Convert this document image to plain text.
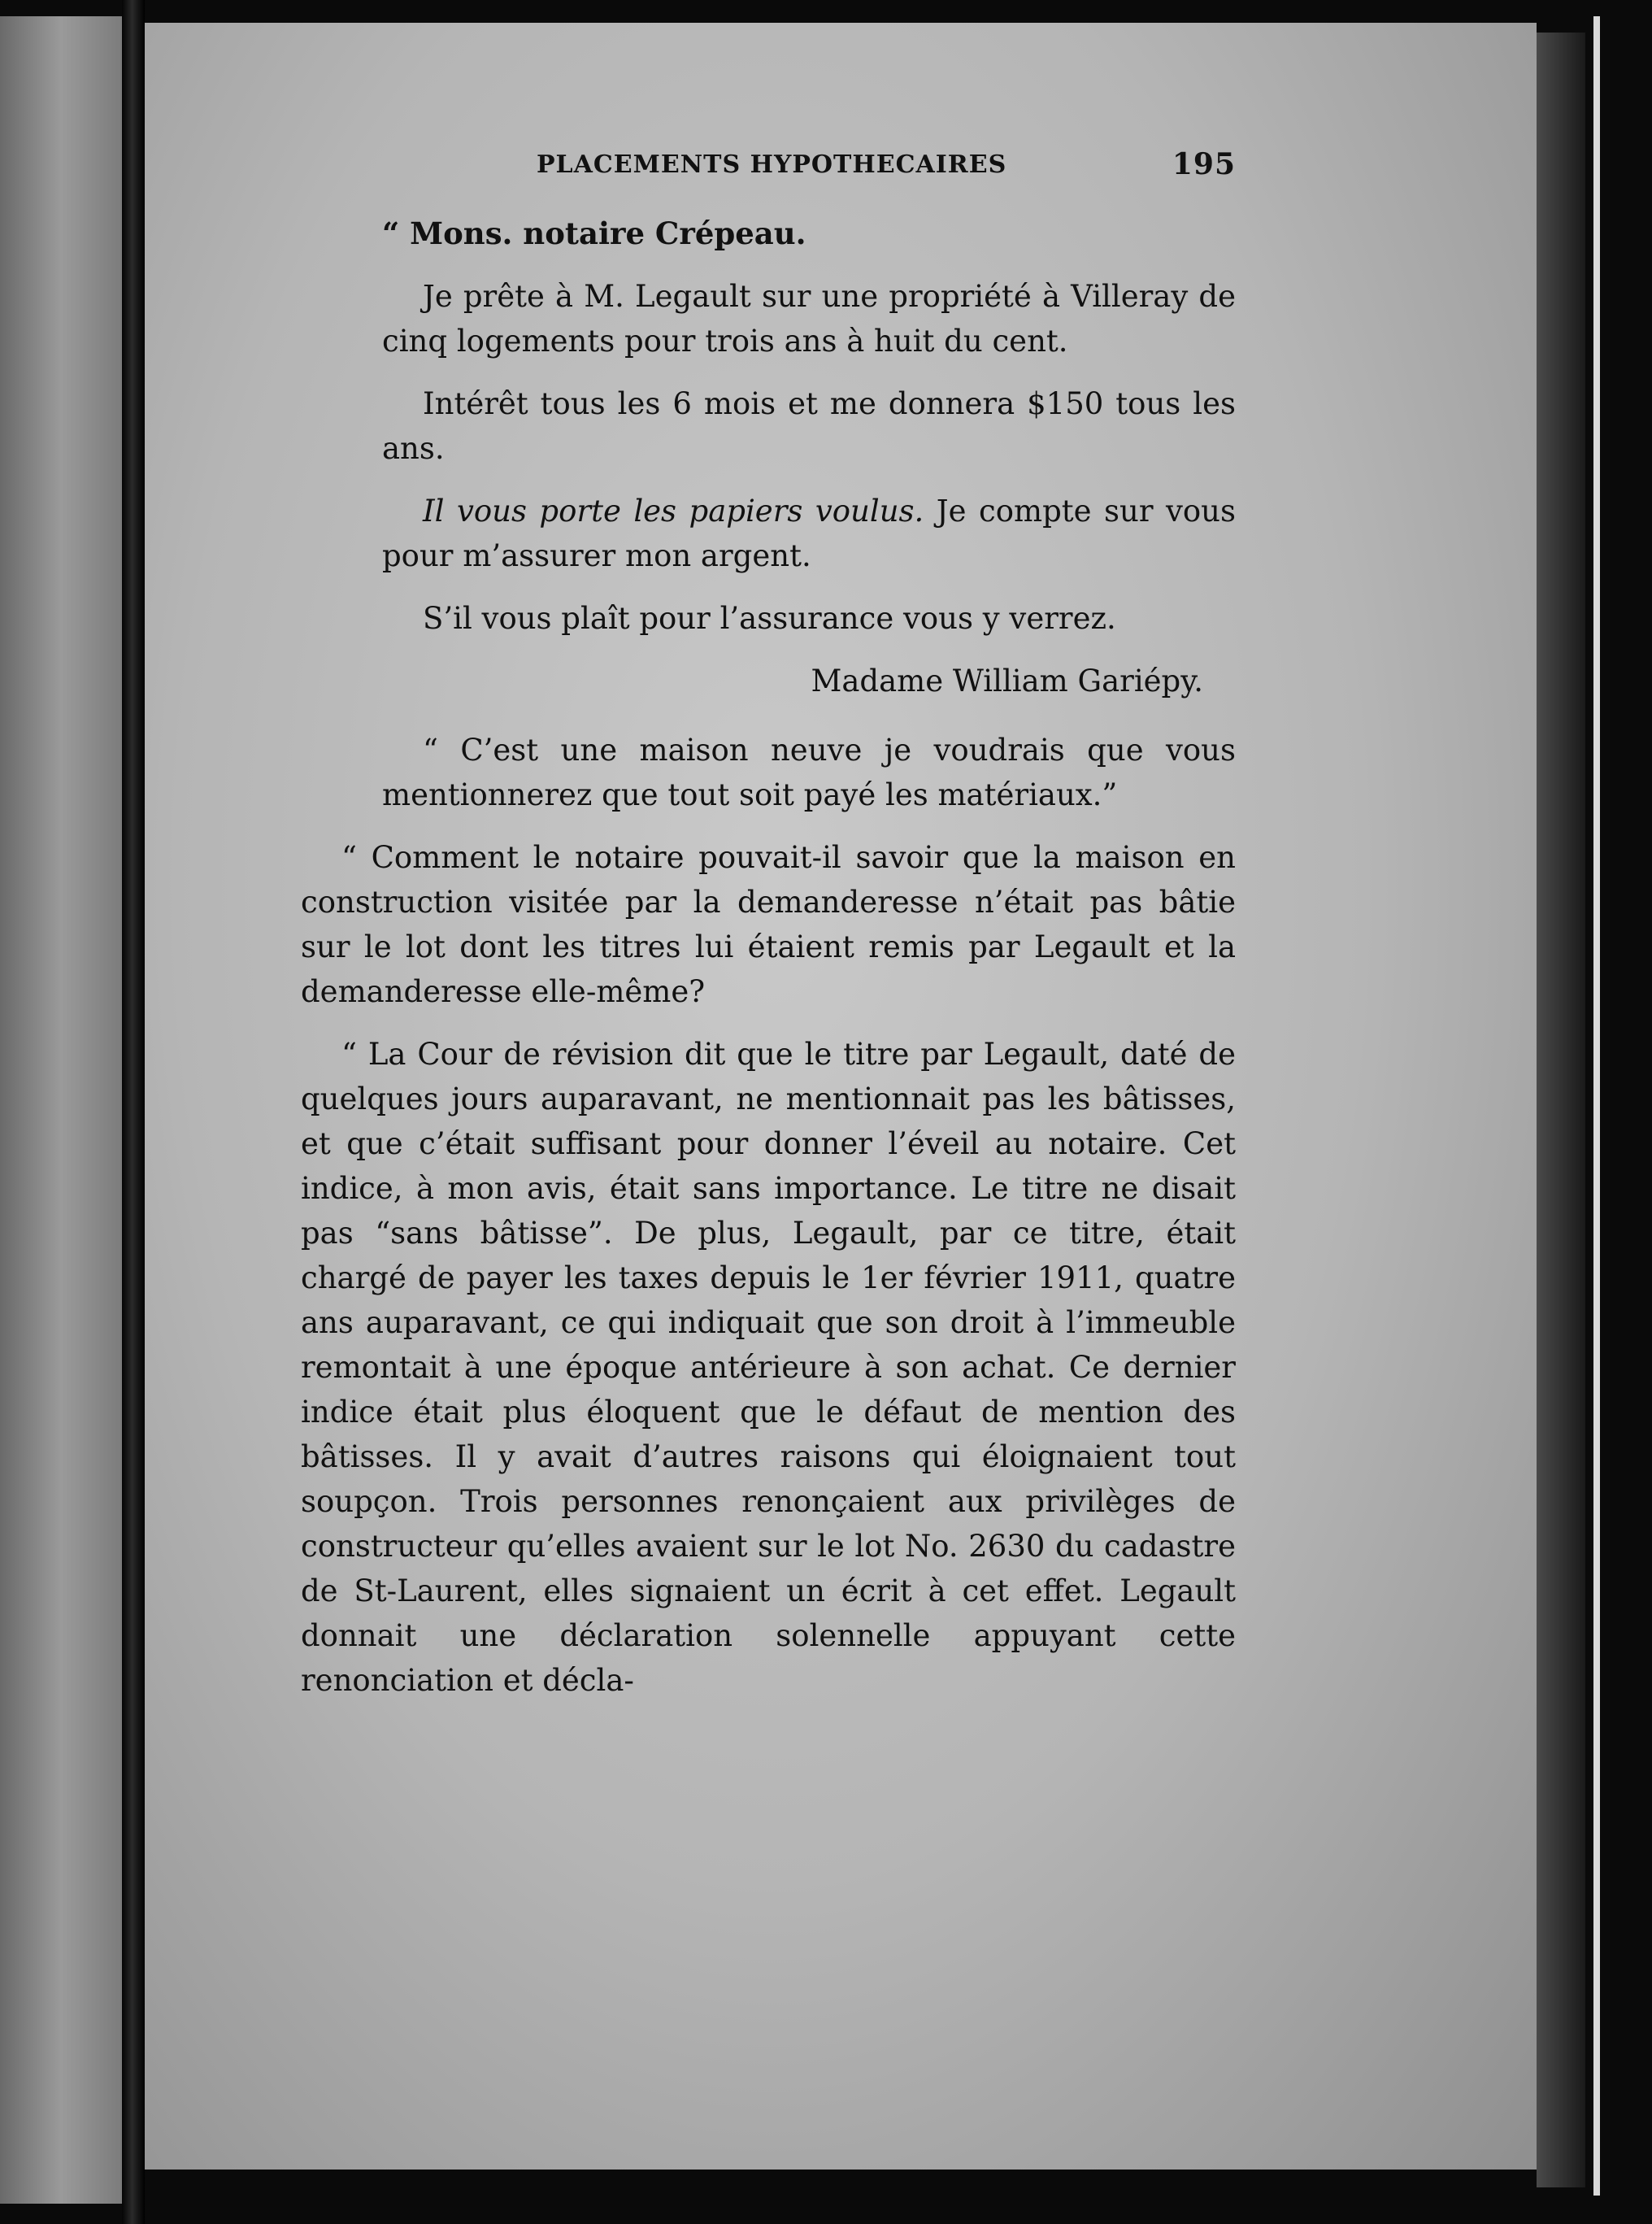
PLACEMENTS HYPOTHECAIRES	195

“ Mons. notaire Crépeau.

Je prête à M. Legault sur une propriété à Villeray de cinq logements pour trois ans à huit du cent.

Intérêt tous les 6 mois et me donnera $150 tous les ans.

Il vous porte les papiers voulus. Je compte sur vous pour m’assurer mon argent.

S’il vous plaît pour l’assurance vous y verrez.

Madame William Gariépy.

“ C’est une maison neuve je voudrais que vous mentionnerez que tout soit payé les matériaux.”

“ Comment le notaire pouvait-il savoir que la maison en construction visitée par la demanderesse n’était pas bâtie sur le lot dont les titres lui étaient remis par Legault et la demanderesse elle-même?

“ La Cour de révision dit que le titre par Legault, daté de quelques jours auparavant, ne mentionnait pas les bâtisses, et que c’était suffisant pour donner l’éveil au notaire. Cet indice, à mon avis, était sans importance. Le titre ne disait pas “sans bâtisse”. De plus, Legault, par ce titre, était chargé de payer les taxes depuis le 1er février 1911, quatre ans auparavant, ce qui indiquait que son droit à l’immeuble remontait à une époque antérieure à son achat. Ce dernier indice était plus éloquent que le défaut de mention des bâtisses. Il y avait d’autres raisons qui éloignaient tout soupçon. Trois personnes renonçaient aux privilèges de constructeur qu’elles avaient sur le lot No. 2630 du cadastre de St-Laurent, elles signaient un écrit à cet effet. Legault donnait une déclaration solennelle appuyant cette renonciation et décla-
